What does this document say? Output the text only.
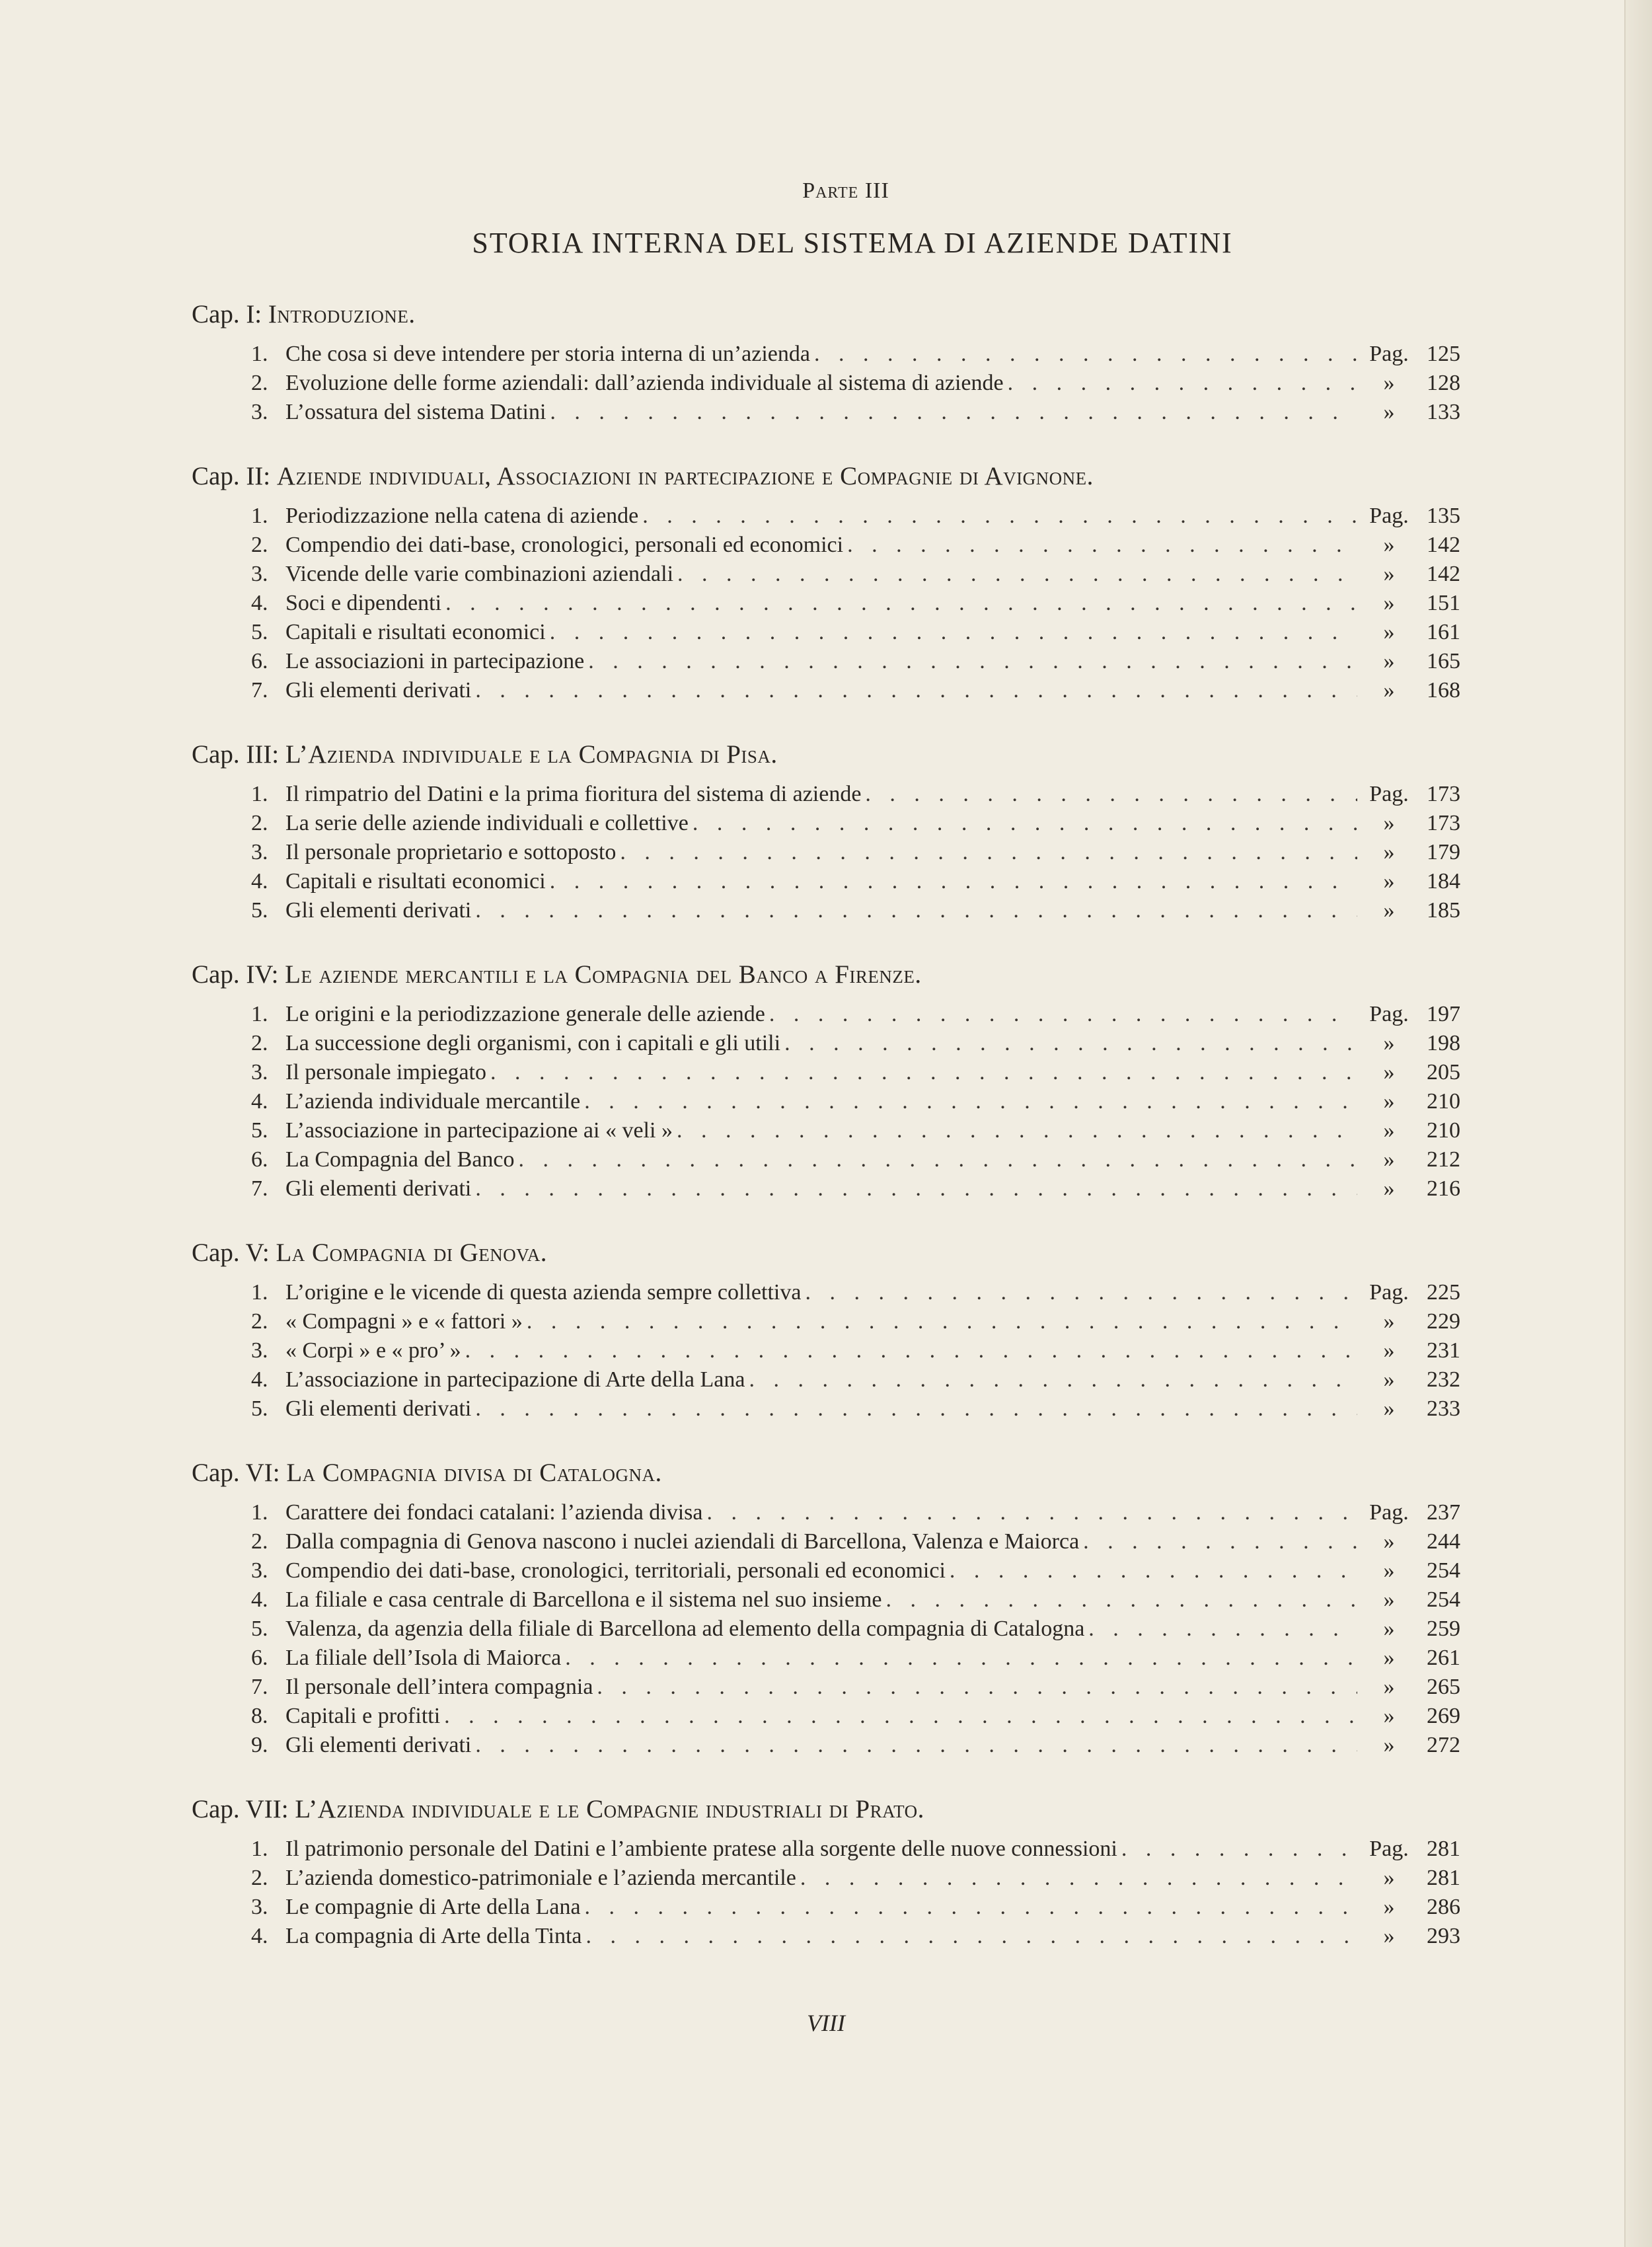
Parte III
STORIA INTERNA DEL SISTEMA DI AZIENDE DATINI
Cap. I: Introduzione.
1. Che cosa si deve intendere per storia interna di un’azienda . . .	Pag. 125
2. Evoluzione delle forme aziendali: dall’azienda individuale al sistema di aziende . . .	»	128
3. L’ossatura del sistema Datini . . .	»	133
Cap. II: Aziende individuali, Associazioni in partecipazione e Compagnie di Avignone.
1. Periodizzazione nella catena di aziende . . .	Pag. 135
2. Compendio dei dati-base, cronologici, personali ed economici . . .	»	142
3. Vicende delle varie combinazioni aziendali . . .	»	142
4. Soci e dipendenti . . .	»	151
5. Capitali e risultati economici . . .	»	161
6. Le associazioni in partecipazione . . .	»	165
7. Gli elementi derivati . . .	»	168
Cap. III: L’Azienda individuale e la Compagnia di Pisa.
1. Il rimpatrio del Datini e la prima fioritura del sistema di aziende . . .	Pag. 173
2. La serie delle aziende individuali e collettive . . .	»	173
3. Il personale proprietario e sottoposto . . .	»	179
4. Capitali e risultati economici . . .	»	184
5. Gli elementi derivati . . .	»	185
Cap. IV: Le aziende mercantili e la Compagnia del Banco a Firenze.
1. Le origini e la periodizzazione generale delle aziende . . .	Pag. 197
2. La successione degli organismi, con i capitali e gli utili . . .	»	198
3. Il personale impiegato . . .	»	205
4. L’azienda individuale mercantile . . .	»	210
5. L’associazione in partecipazione ai « veli » . . .	»	210
6. La Compagnia del Banco . . .	»	212
7. Gli elementi derivati . . .	»	216
Cap. V: La Compagnia di Genova.
1. L’origine e le vicende di questa azienda sempre collettiva . . .	Pag. 225
2. « Compagni » e « fattori » . . .	»	229
3. « Corpi » e « pro’ » . . .	»	231
4. L’associazione in partecipazione di Arte della Lana . . .	»	232
5. Gli elementi derivati . . .	»	233
Cap. VI: La Compagnia divisa di Catalogna.
1. Carattere dei fondaci catalani: l’azienda divisa . . .	Pag. 237
2. Dalla compagnia di Genova nascono i nuclei aziendali di Barcellona, Valenza e Maiorca . . .	»	244
3. Compendio dei dati-base, cronologici, territoriali, personali ed economici . . .	»	254
4. La filiale e casa centrale di Barcellona e il sistema nel suo insieme . . .	»	254
5. Valenza, da agenzia della filiale di Barcellona ad elemento della compagnia di Catalogna . . .	»	259
6. La filiale dell’Isola di Maiorca . . .	»	261
7. Il personale dell’intera compagnia . . .	»	265
8. Capitali e profitti . . .	»	269
9. Gli elementi derivati . . .	»	272
Cap. VII: L’Azienda individuale e le Compagnie industriali di Prato.
1. Il patrimonio personale del Datini e l’ambiente pratese alla sorgente delle nuove connessioni . . .	Pag. 281
2. L’azienda domestico-patrimoniale e l’azienda mercantile . . .	»	281
3. Le compagnie di Arte della Lana . . .	»	286
4. La compagnia di Arte della Tinta . . .	»	293
VIII
